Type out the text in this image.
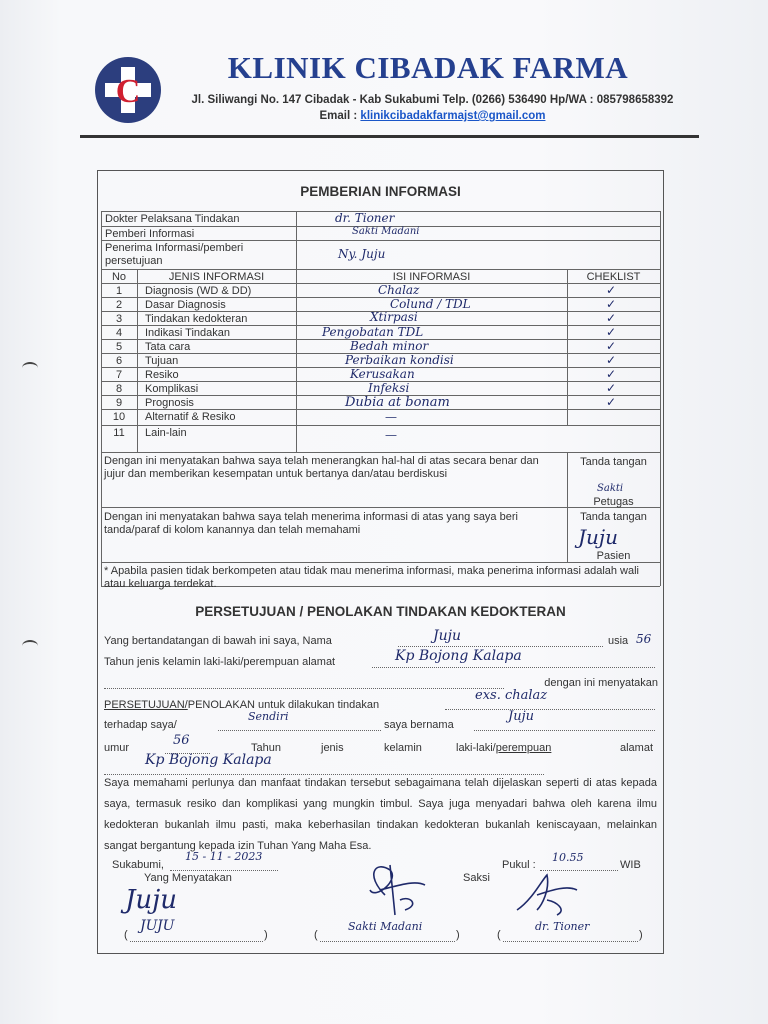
C
KLINIK CIBADAK FARMA
Jl. Siliwangi No. 147 Cibadak - Kab Sukabumi Telp. (0266) 536490 Hp/WA : 085798658392
Email : klinikcibadakfarmajst@gmail.com
PEMBERIAN INFORMASI
Dokter Pelaksana Tindakan	dr. Tioner
Pemberi Informasi	Sakti Madani
Penerima Informasi/pemberi persetujuan	Ny. Juju
No	JENIS INFORMASI	ISI INFORMASI	CHEKLIST
1	Diagnosis (WD & DD)	Chalaz	✓
2	Dasar Diagnosis	Colund / TDL	✓
3	Tindakan kedokteran	Xtirpasi	✓
4	Indikasi Tindakan	Pengobatan TDL	✓
5	Tata cara	Bedah minor	✓
6	Tujuan	Perbaikan kondisi	✓
7	Resiko	Kerusakan	✓
8	Komplikasi	Infeksi	✓
9	Prognosis	Dubia at bonam	✓
10	Alternatif & Resiko	—
11	Lain-lain	—
Dengan ini menyatakan bahwa saya telah menerangkan hal-hal di atas secara benar dan jujur dan memberikan kesempatan untuk bertanya dan/atau berdiskusi
Tanda tangan
Sakti
Petugas
Dengan ini menyatakan bahwa saya telah menerima informasi di atas yang saya beri tanda/paraf di kolom kanannya dan telah memahami
Tanda tangan
Juju
Pasien
* Apabila pasien tidak berkompeten atau tidak mau menerima informasi, maka penerima informasi adalah wali atau keluarga terdekat.
PERSETUJUAN / PENOLAKAN TINDAKAN KEDOKTERAN
Yang bertandatangan di bawah ini saya, Nama	Juju	usia 56
Tahun jenis kelamin laki-laki/perempuan alamat	Kp Bojong Kalapa
dengan ini menyatakan
PERSETUJUAN/PENOLAKAN untuk dilakukan tindakan
exs. chalaz
terhadap saya/
Sendiri
saya bernama
Juju
umur	56	Tahun	jenis	kelamin	laki-laki/perempuan	alamat
Kp Bojong Kalapa
Saya memahami perlunya dan manfaat tindakan tersebut sebagaimana telah dijelaskan seperti di atas kepada saya, termasuk resiko dan komplikasi yang mungkin timbul. Saya juga menyadari bahwa oleh karena ilmu kedokteran bukanlah ilmu pasti, maka keberhasilan tindakan kedokteran bukanlah keniscayaan, melainkan sangat bergantung kepada izin Tuhan Yang Maha Esa.
Sukabumi,
15 - 11 - 2023
Pukul :
10.55
WIB
Yang Menyatakan	Saksi
Juju
(
JUJU
)	(
Sakti Madani
)	(
dr. Tioner
)
